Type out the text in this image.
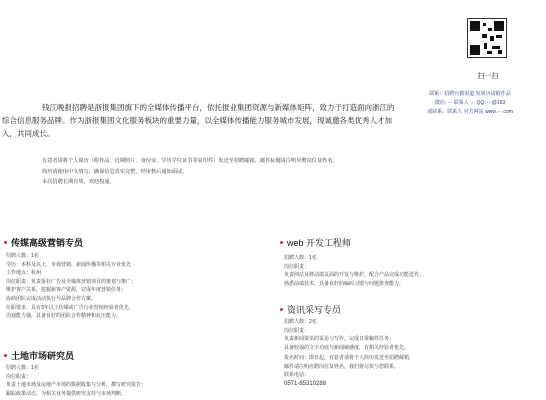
扫一扫
联系：招聘官微渠道 发简历请附作品
微信：··· 联系人 ··· QQ：···@163
或联系：联系人 官方网站 www.···.com
钱江晚报招聘是浙报集团旗下的全媒体传播平台，依托报业集团资源与新媒体矩阵，致力于打造面向浙江的综合信息服务品牌。作为浙报集团文化服务板块的重要力量，以全媒体传播能力服务城市发展，现诚邀各类优秀人才加入，共同成长。

有意者请将个人简历（附作品、近期照片、身份证、学历学位证书等复印件）发送至招聘邮箱，邮件标题请注明应聘岗位及姓名。

简历请使用中文填写，确保信息真实完整，经审核后通知面试。

本次招聘长期有效，欢迎投递。

传媒高级营销专员
招聘人数：1名
学历：本科及以上，市场营销、新闻传播等相关专业优先
工作地点：杭州
岗位职责：负责报社广告及全媒体营销项目的策划与推广；
维护客户关系，挖掘新客户资源，完成年度营销任务；
协助团队完成活动执行与品牌合作方案。
任职要求：具有3年以上传媒或广告行业营销经验者优先，
沟通能力强，具备良好的团队合作精神和抗压能力。
土地市场研究员
招聘人数：1名
岗位职责：
负责土地市场及房地产市场的数据收集与分析，撰写研究报告；
跟踪政策动态，为相关业务提供研究支持与市场判断。
web 开发工程师
招聘人数：1名
岗位职责：
负责网站及移动端页面的开发与维护，配合产品完成功能迭代；
熟悉前端技术，具备良好的编码习惯与问题排查能力。
资讯采写专员
招聘人数：2名
岗位职责：
负责新闻资讯的采访与写作，完成日常稿件任务；
具备较强的文字功底与新闻敏感度，有相关经验者优先。
报名时间：即日起，有意者请将个人简历发送至招聘邮箱，
邮件请注明应聘岗位及姓名，我们将尽快与您联系。
联系电话：
0571-85310288
